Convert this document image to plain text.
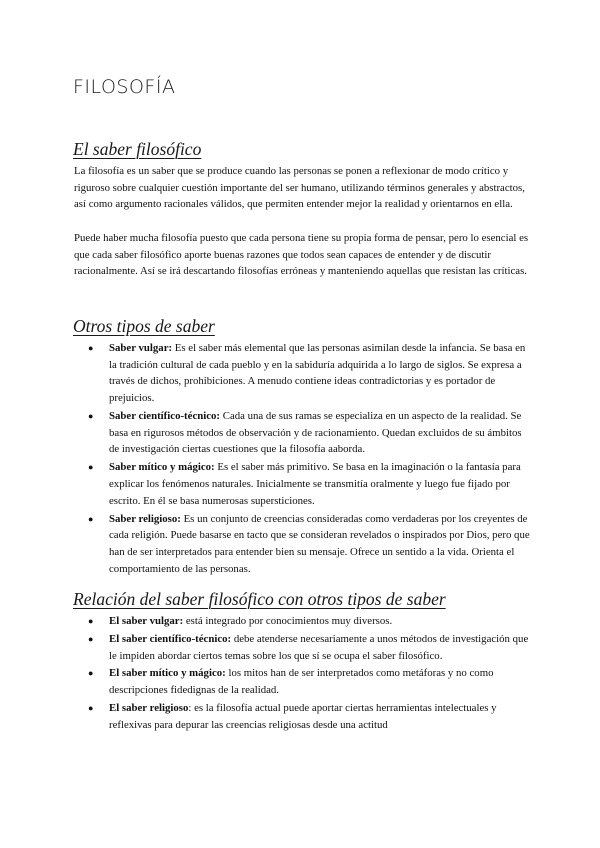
FILOSOFÍA
El saber filosófico

La filosofía es un saber que se produce cuando las personas se ponen a reflexionar de modo crítico y riguroso sobre cualquier cuestión importante del ser humano, utilizando términos generales y abstractos, así como argumento racionales válidos, que permiten entender mejor la realidad y orientarnos en ella.

Puede haber mucha filosofía puesto que cada persona tiene su propia forma de pensar, pero lo esencial es que cada saber filosófico aporte buenas razones que todos sean capaces de entender y de discutir racionalmente. Así se irá descartando filosofías erróneas y manteniendo aquellas que resistan las críticas.

Otros tipos de saber
● Saber vulgar: Es el saber más elemental que las personas asimilan desde la infancia. Se basa en la tradición cultural de cada pueblo y en la sabiduría adquirida a lo largo de siglos. Se expresa a través de dichos, prohibiciones. A menudo contiene ideas contradictorias y es portador de prejuicios.
● Saber científico-técnico: Cada una de sus ramas se especializa en un aspecto de la realidad. Se basa en rigurosos métodos de observación y de racionamiento. Quedan excluidos de su ámbitos de investigación ciertas cuestiones que la filosofía aaborda.
● Saber mítico y mágico: Es el saber más primitivo. Se basa en la imaginación o la fantasía para explicar los fenómenos naturales. Inicialmente se transmitía oralmente y luego fue fijado por escrito. En él se basa numerosas supersticiones.
● Saber religioso: Es un conjunto de creencias consideradas como verdaderas por los creyentes de cada religión. Puede basarse en tacto que se consideran revelados o inspirados por Dios, pero que han de ser interpretados para entender bien su mensaje. Ofrece un sentido a la vida. Orienta el comportamiento de las personas.
Relación del saber filosófico con otros tipos de saber
● El saber vulgar: está integrado por conocimientos muy diversos.
● El saber científico-técnico: debe atenderse necesariamente a unos métodos de investigación que le impiden abordar ciertos temas sobre los que sí se ocupa el saber filosófico.
● El saber mítico y mágico: los mitos han de ser interpretados como metáforas y no como descripciones fidedignas de la realidad.
● El saber religioso: es la filosofía actual puede aportar ciertas herramientas intelectuales y reflexivas para depurar las creencias religiosas desde una actitud
